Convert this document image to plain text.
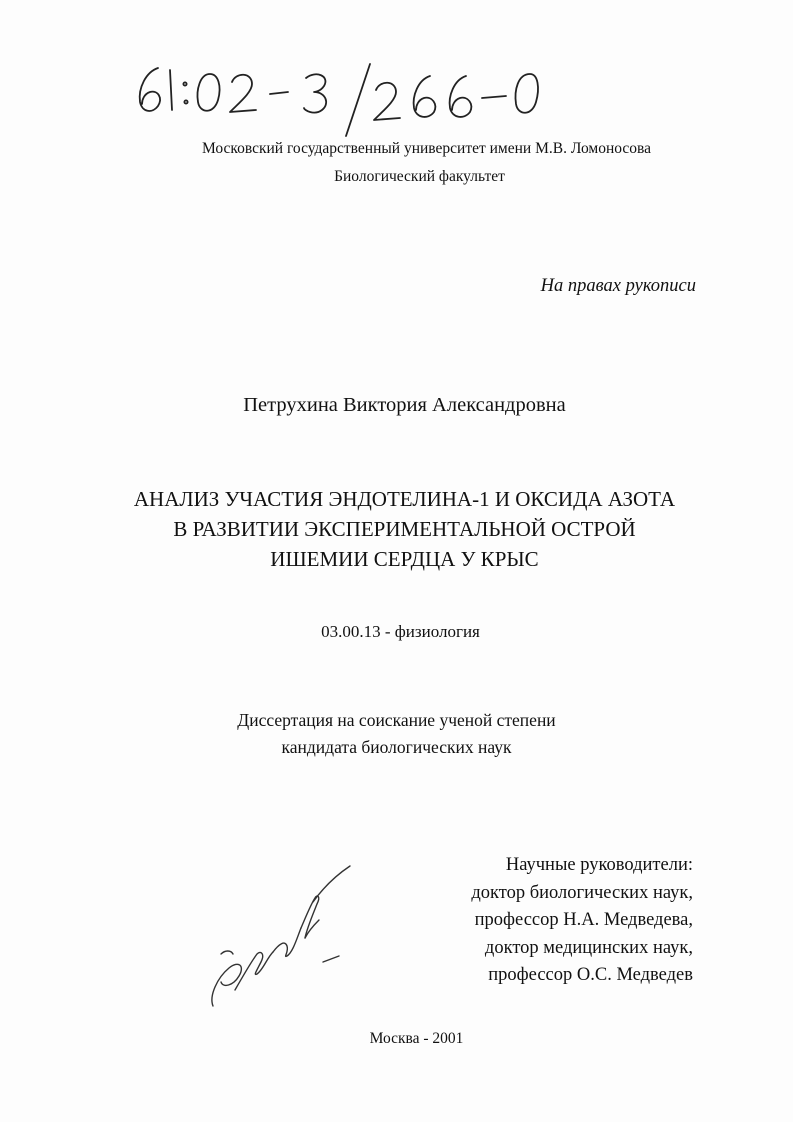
Московский государственный университет имени М.В. Ломоносова
Биологический факультет
На правах рукописи
Петрухина Виктория Александровна
АНАЛИЗ УЧАСТИЯ ЭНДОТЕЛИНА-1 И ОКСИДА АЗОТА
В РАЗВИТИИ ЭКСПЕРИМЕНТАЛЬНОЙ ОСТРОЙ
ИШЕМИИ СЕРДЦА У КРЫС
03.00.13 - физиология
Диссертация на соискание ученой степени
кандидата биологических наук
Научные руководители:
доктор биологических наук,
профессор Н.А. Медведева,
доктор медицинских наук,
профессор О.С. Медведев
Москва - 2001
